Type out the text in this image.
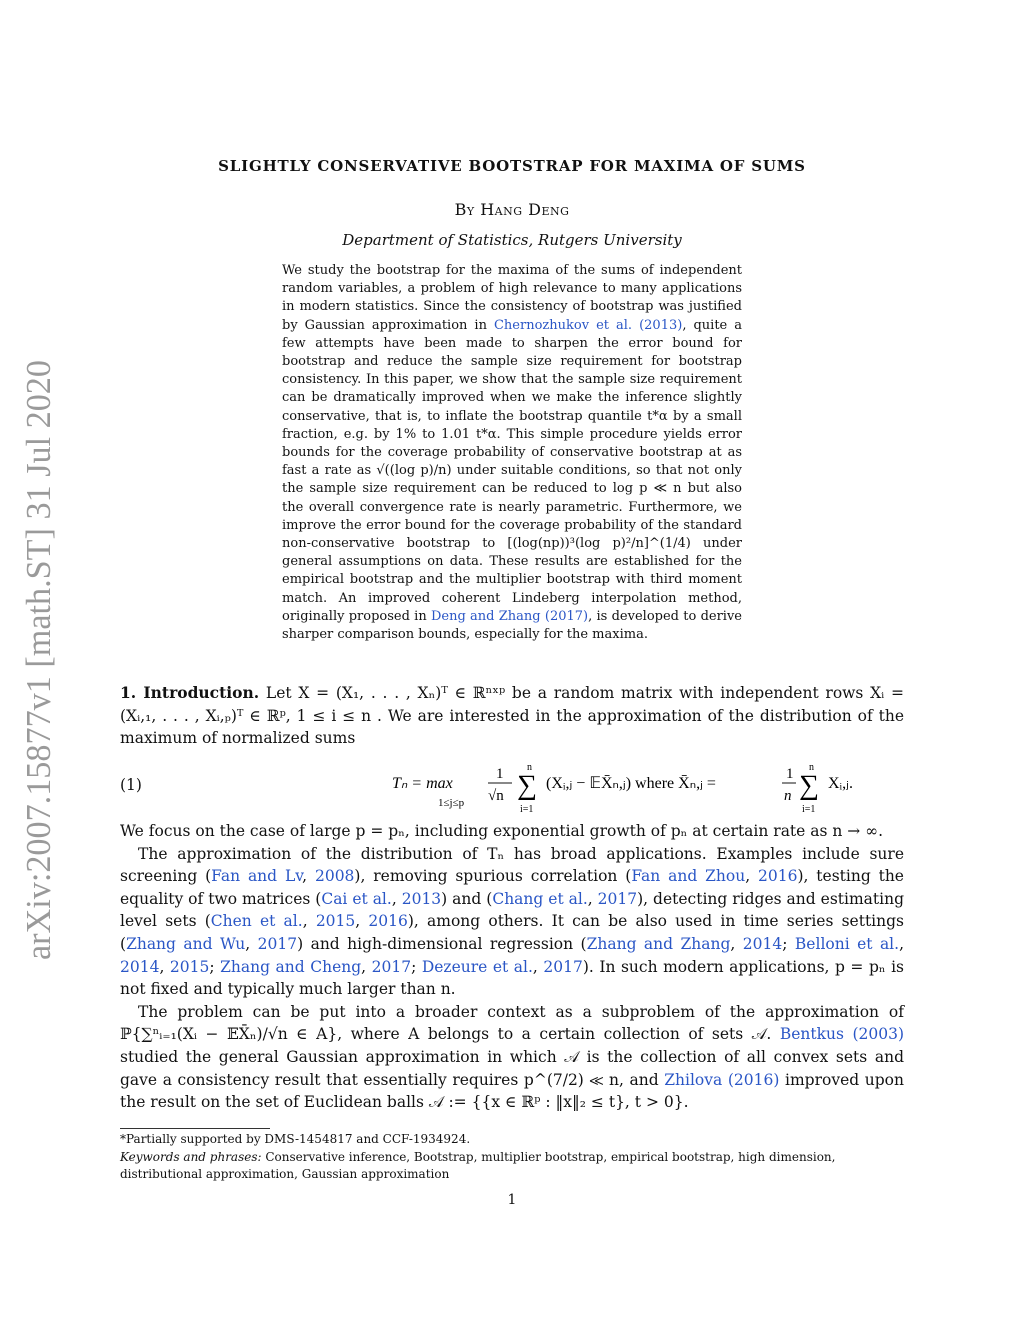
arXiv:2007.15877v1 [math.ST] 31 Jul 2020
SLIGHTLY CONSERVATIVE BOOTSTRAP FOR MAXIMA OF SUMS
By Hang Deng
Department of Statistics, Rutgers University
We study the bootstrap for the maxima of the sums of independent random variables, a problem of high relevance to many applications in modern statistics. Since the consistency of bootstrap was justified by Gaussian approximation in Chernozhukov et al. (2013), quite a few attempts have been made to sharpen the error bound for bootstrap and reduce the sample size requirement for bootstrap consistency. In this paper, we show that the sample size requirement can be dramatically improved when we make the inference slightly conservative, that is, to inflate the bootstrap quantile t*α by a small fraction, e.g. by 1% to 1.01 t*α. This simple procedure yields error bounds for the coverage probability of conservative bootstrap at as fast a rate as √((log p)/n) under suitable conditions, so that not only the sample size requirement can be reduced to log p ≪ n but also the overall convergence rate is nearly parametric. Furthermore, we improve the error bound for the coverage probability of the standard non-conservative bootstrap to [(log(np))³(log p)²/n]^(1/4) under general assumptions on data. These results are established for the empirical bootstrap and the multiplier bootstrap with third moment match. An improved coherent Lindeberg interpolation method, originally proposed in Deng and Zhang (2017), is developed to derive sharper comparison bounds, especially for the maxima.
1. Introduction. Let X = (X₁, . . . , Xₙ)ᵀ ∈ ℝⁿˣᵖ be a random matrix with independent rows Xᵢ = (Xᵢ,₁, . . . , Xᵢ,ₚ)ᵀ ∈ ℝᵖ, 1 ≤ i ≤ n . We are interested in the approximation of the distribution of the maximum of normalized sums
(1)	Tₙ = max
1≤j≤p
1
√n
n
∑
i=1
(Xᵢ,ⱼ − 𝔼X̄ₙ,ⱼ) where X̄ₙ,ⱼ =
1
n
n
∑
i=1
Xᵢ,ⱼ.
We focus on the case of large p = pₙ, including exponential growth of pₙ at certain rate as n → ∞.
The approximation of the distribution of Tₙ has broad applications. Examples include sure screening (Fan and Lv, 2008), removing spurious correlation (Fan and Zhou, 2016), testing the equality of two matrices (Cai et al., 2013) and (Chang et al., 2017), detecting ridges and estimating level sets (Chen et al., 2015, 2016), among others. It can be also used in time series settings (Zhang and Wu, 2017) and high-dimensional regression (Zhang and Zhang, 2014; Belloni et al., 2014, 2015; Zhang and Cheng, 2017; Dezeure et al., 2017). In such modern applications, p = pₙ is not fixed and typically much larger than n.
The problem can be put into a broader context as a subproblem of the approximation of ℙ{∑ⁿᵢ₌₁(Xᵢ − 𝔼X̄ₙ)/√n ∈ A}, where A belongs to a certain collection of sets 𝒜. Bentkus (2003) studied the general Gaussian approximation in which 𝒜 is the collection of all convex sets and gave a consistency result that essentially requires p^(7/2) ≪ n, and Zhilova (2016) improved upon the result on the set of Euclidean balls 𝒜 := {{x ∈ ℝᵖ : ‖x‖₂ ≤ t}, t > 0}.
*Partially supported by DMS-1454817 and CCF-1934924.
Keywords and phrases: Conservative inference, Bootstrap, multiplier bootstrap, empirical bootstrap, high dimension, distributional approximation, Gaussian approximation
1
